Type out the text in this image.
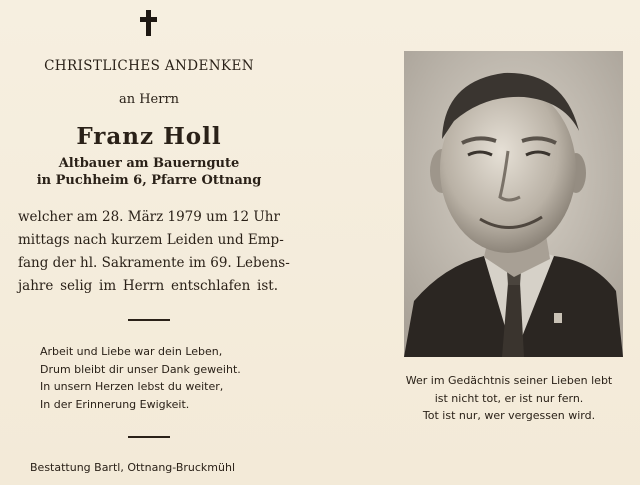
CHRISTLICHES ANDENKEN
an Herrn
Franz Holl
Altbauer am Bauerngute
in Puchheim 6, Pfarre Ottnang
welcher am 28. März 1979 um 12 Uhr
mittags nach kurzem Leiden und Emp-
fang der hl. Sakramente im 69. Lebens-
jahre selig im Herrn entschlafen ist.
Arbeit und Liebe war dein Leben,
Drum bleibt dir unser Dank geweiht.
In unsern Herzen lebst du weiter,
In der Erinnerung Ewigkeit.
Bestattung Bartl, Ottnang-Bruckmühl
Wer im Gedächtnis seiner Lieben lebt
ist nicht tot, er ist nur fern.
Tot ist nur, wer vergessen wird.
